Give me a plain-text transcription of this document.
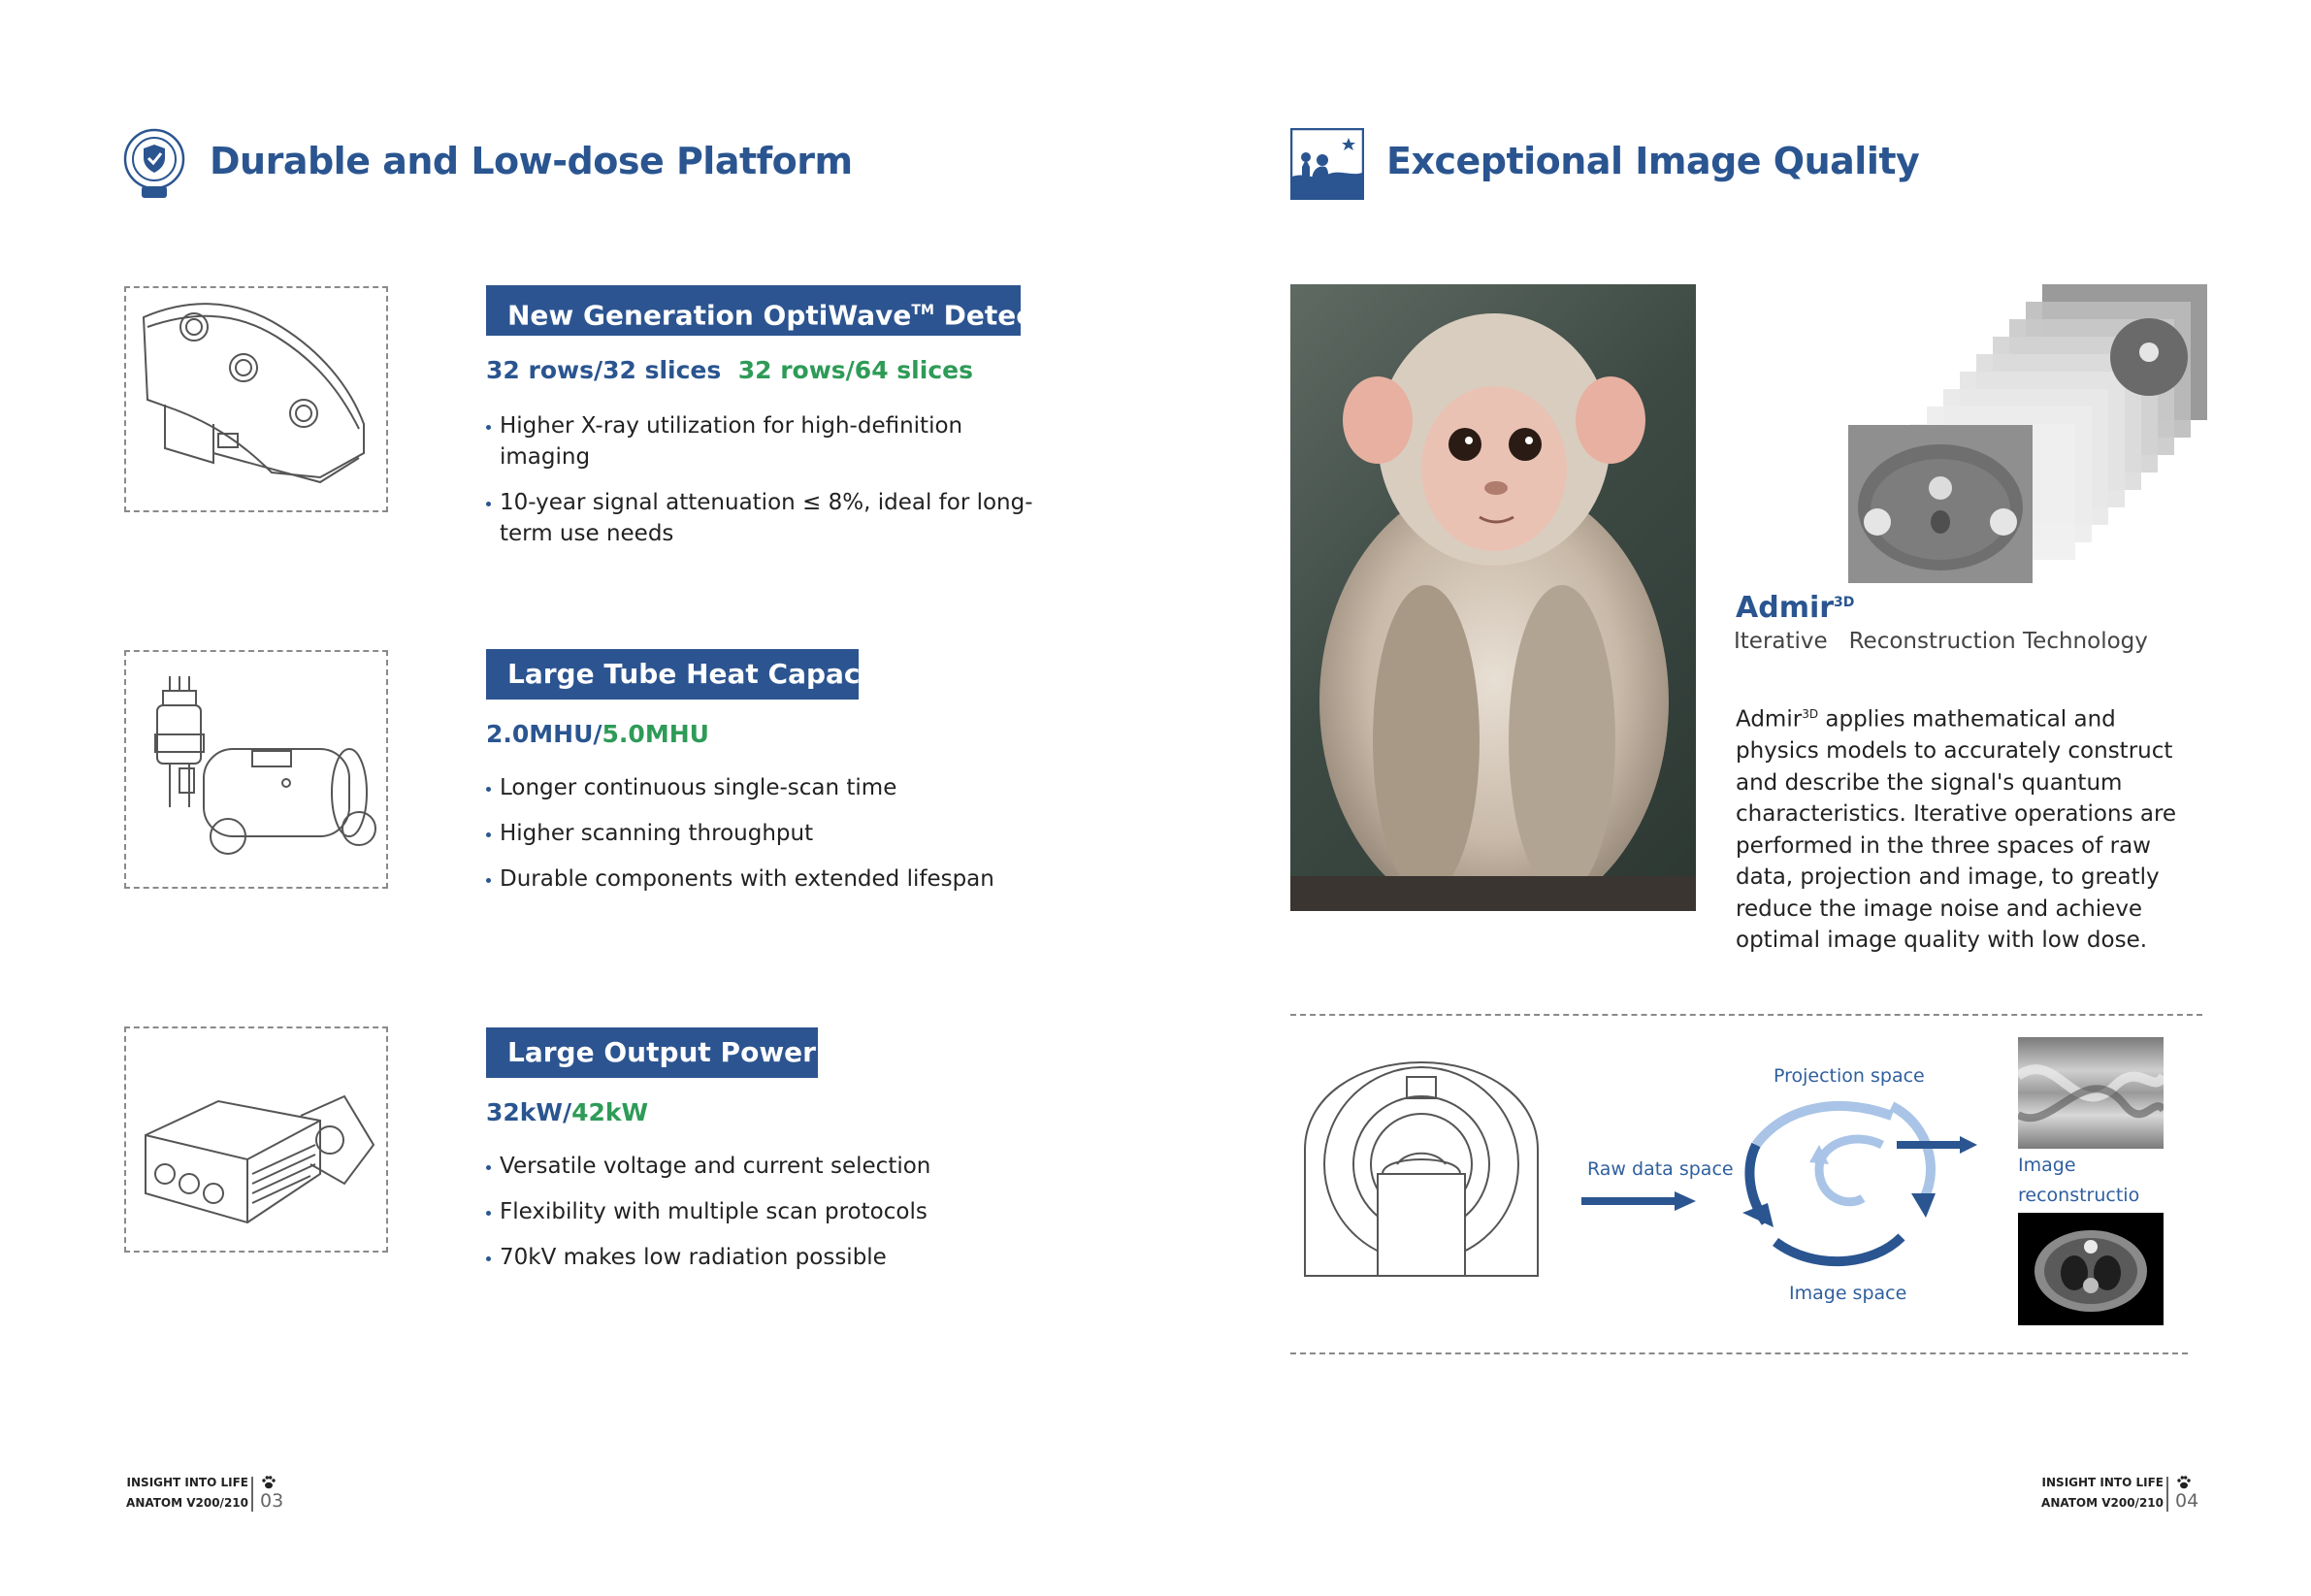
Durable and Low-dose Platform
New Generation OptiWave™ Detector
32 rows/32 slices 32 rows/64 slices
Higher X-ray utilization for high-definition imaging
10-year signal attenuation ≤ 8%, ideal for long-term use needs
Large Tube Heat Capacity
2.0MHU/5.0MHU
Longer continuous single-scan time
Higher scanning throughput
Durable components with extended lifespan
Large Output Power
32kW/42kW
Versatile voltage and current selection
Flexibility with multiple scan protocols
70kV makes low radiation possible
INSIGHT INTO LIFE
ANATOM V200/210 03
Exceptional Image Quality
Admir$^{3D}$
Iterative   Reconstruction Technology
Admir$^{3D}$ applies mathematical and physics models to accurately construct and describe the signal's quantum characteristics. Iterative operations are performed in the three spaces of raw data, projection and image, to greatly reduce the image noise and achieve optimal image quality with low dose.
Raw data space
Projection space
Image space
Image
reconstructio
INSIGHT INTO LIFE
ANATOM V200/210 04
